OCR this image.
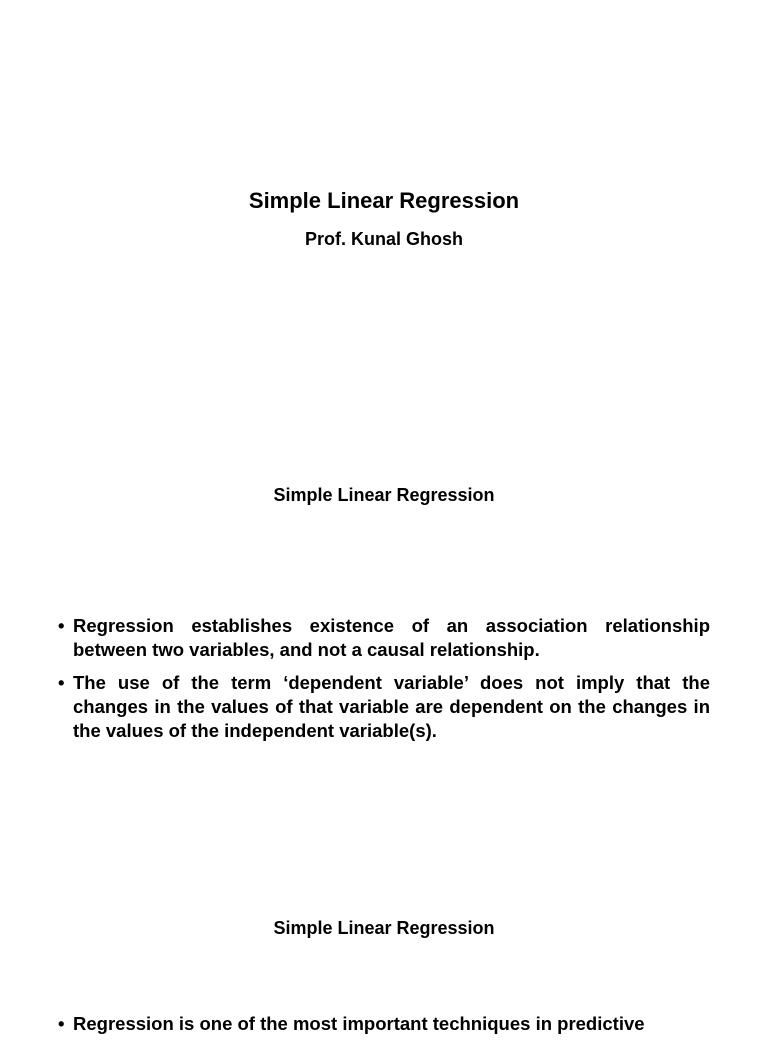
Simple Linear Regression
Prof. Kunal Ghosh
Simple Linear Regression
• Regression establishes existence of an association relationship between two variables, and not a causal relationship.
• The use of the term ‘dependent variable’ does not imply that the changes in the values of that variable are dependent on the changes in the values of the independent variable(s).
Simple Linear Regression
• Regression is one of the most important techniques in predictive
